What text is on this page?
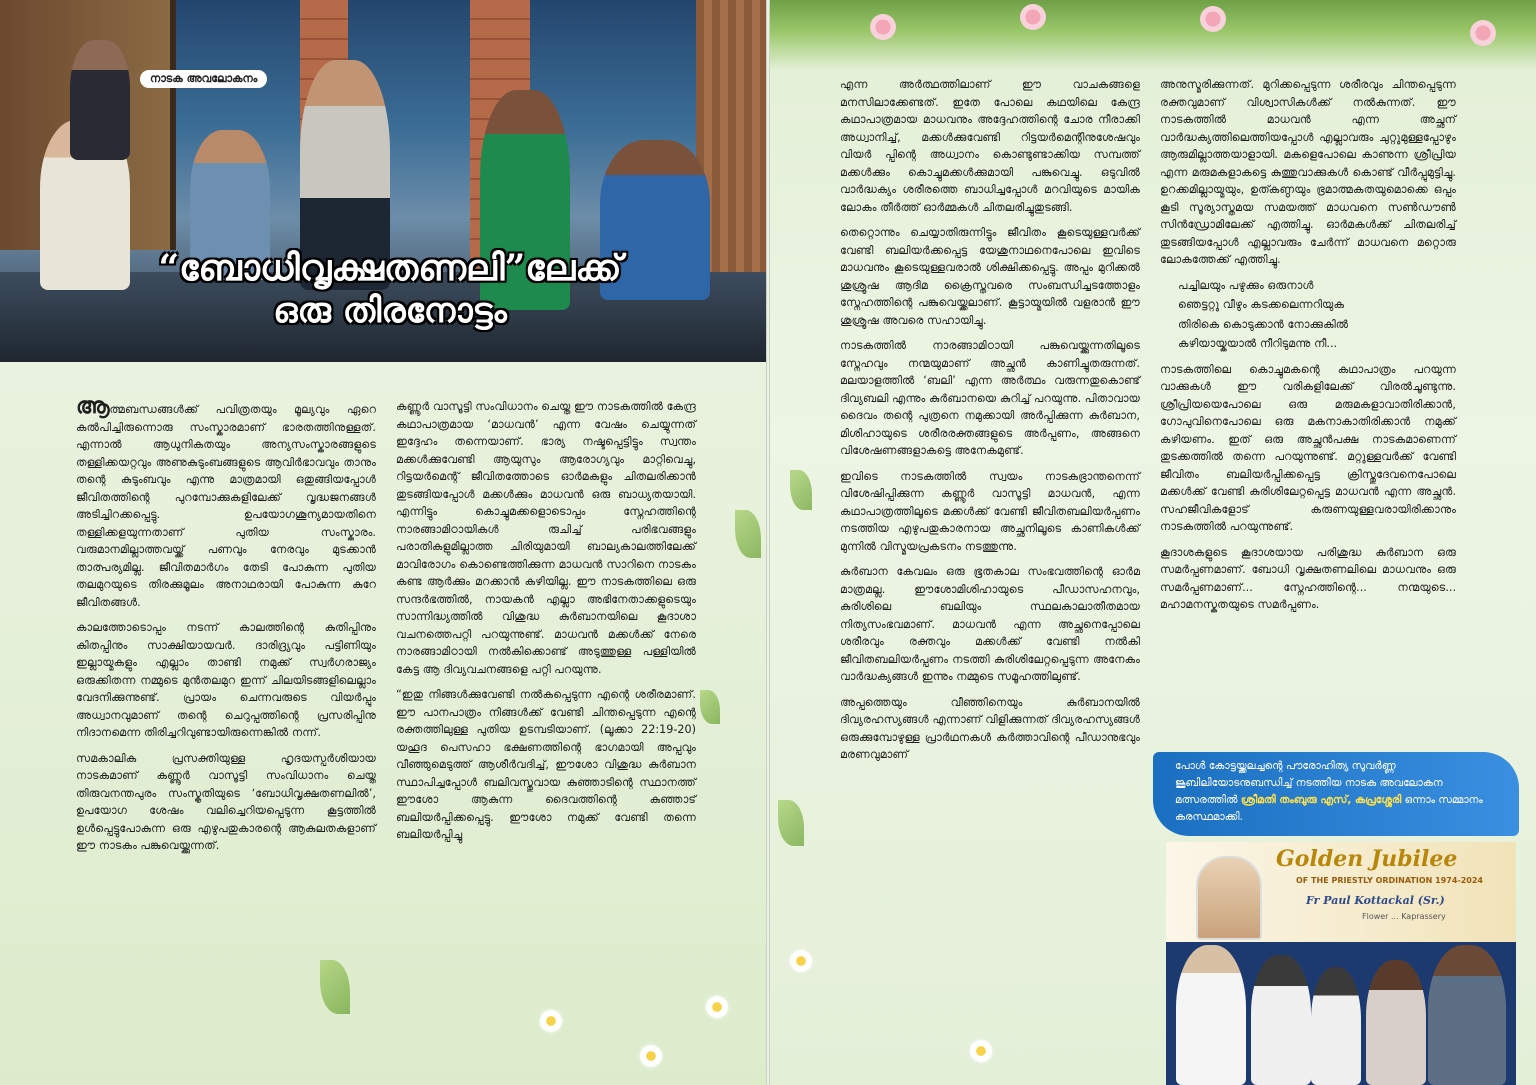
നാടക അവലോകനം
“ബോധിവൃക്ഷതണലി”ലേക്ക്
ഒരു തിരനോട്ടം

ആത്മബന്ധങ്ങൾക്ക് പവിത്രതയും മൂല്യവും ഏറെ കൽപിച്ചിരുന്നൊരു സംസ്കാരമാണ് ഭാരതത്തിനുള്ളത്. എന്നാൽ ആധുനികതയും അന്യസംസ്കാരങ്ങളുടെ തള്ളിക്കയറ്റവും അണുകുടുംബങ്ങളുടെ ആവിർഭാവവും താനും തന്റെ കുടുംബവും എന്നു മാത്രമായി ഒതുങ്ങിയപ്പോൾ ജീവിതത്തിന്റെ പുറമ്പോക്കുകളിലേക്ക് വൃദ്ധജനങ്ങൾ അടിച്ചിറക്കപ്പെട്ടു. ഉപയോഗശൂന്യമായതിനെ തള്ളിക്കളയുന്നതാണ് പുതിയ സംസ്കാരം. വരുമാനമില്ലാത്തവയ്ക്ക് പണവും നേരവും മുടക്കാൻ താത്പര്യമില്ല. ജീവിതമാർഗം തേടി പോകുന്ന പുതിയ തലമുറയുടെ തിരക്കുമൂലം അനാഥരായി പോകുന്ന കുറേ ജീവിതങ്ങൾ.

കാലത്തോടൊപ്പം നടന്ന് കാലത്തിന്റെ കുതിപ്പിനും കിതപ്പിനും സാക്ഷിയായവർ. ദാരിദ്ര്യവും പട്ടിണിയും ഇല്ലായ്മകളും എല്ലാം താണ്ടി നമുക്ക് സ്വർഗരാജ്യം ഒരുക്കിതന്ന നമ്മുടെ മുൻതലമുറ ഇന്ന് ചിലയിടങ്ങളിലെല്ലാം വേദനിക്കുന്നുണ്ട്. പ്രായം ചെന്നവരുടെ വിയർപ്പും അധ്വാനവുമാണ് തന്റെ ചെറുപ്പത്തിന്റെ പ്രസരിപ്പിനു നിദാനമെന്ന തിരിച്ചറിവുണ്ടായിരുന്നെങ്കിൽ നന്ന്.

സമകാലിക പ്രസക്തിയുള്ള ഹൃദയസ്പർശിയായ നാടകമാണ് കണ്ണൂർ വാസൂട്ടി സംവിധാനം ചെയ്ത തിരുവനന്തപുരം സംസ്കൃതിയുടെ ‘ബോധിവൃക്ഷതണലിൽ’, ഉപയോഗ ശേഷം വലിച്ചെറിയപ്പെടുന്ന കൂട്ടത്തിൽ ഉൾപ്പെട്ടുപോകുന്ന ഒരു എഴുപതുകാരന്റെ ആകുലതകളാണ് ഈ നാടകം പങ്കുവെയ്ക്കുന്നത്.

കണ്ണൂർ വാസൂട്ടി സംവിധാനം ചെയ്ത ഈ നാടകത്തിൽ കേന്ദ്ര കഥാപാത്രമായ ‘മാധവൻ’ എന്ന വേഷം ചെയ്യുന്നത് ഇദ്ദേഹം തന്നെയാണ്. ഭാര്യ നഷ്ടപ്പെട്ടിട്ടും സ്വന്തം മക്കൾക്കുവേണ്ടി ആയുസും ആരോഗ്യവും മാറ്റിവെച്ചു, റിട്ടയർമെന്റ് ജീവിതത്തോടെ ഓർമകളും ചിതലരിക്കാൻ തുടങ്ങിയപ്പോൾ മക്കൾക്കും മാധവൻ ഒരു ബാധ്യതയായി. എന്നിട്ടും കൊച്ചുമക്കളൊടൊപ്പം സ്നേഹത്തിന്റെ നാരങ്ങാമിഠായികൾ രുചിച്ച് പരിഭവങ്ങളും പരാതികളുമില്ലാത്ത ചിരിയുമായി ബാല്യകാലത്തിലേക്ക് മാവിരോഗം കൊണ്ടെത്തിക്കുന്ന മാധവൻ സാറിനെ നാടകം കണ്ട ആർക്കും മറക്കാൻ കഴിയില്ല. ഈ നാടകത്തിലെ ഒരു സന്ദർഭത്തിൽ, നായകൻ എല്ലാ അഭിനേതാക്കളുടെയും സാന്നിദ്ധ്യത്തിൽ വിശുദ്ധ കുർബാനയിലെ കൂദാശാ വചനത്തെപറ്റി പറയുന്നുണ്ട്. മാധവൻ മക്കൾക്ക് നേരെ നാരങ്ങാമിഠായി നൽകിക്കൊണ്ട് അടുത്തുള്ള പള്ളിയിൽ കേട്ട ആ ദിവ്യവചനങ്ങളെ പറ്റി പറയുന്നു.

“ഇതു നിങ്ങൾക്കുവേണ്ടി നൽകപ്പെടുന്ന എന്റെ ശരീരമാണ്. ഈ പാനപാത്രം നിങ്ങൾക്ക് വേണ്ടി ചിന്തപ്പെടുന്ന എന്റെ രക്തത്തിലുള്ള പുതിയ ഉടമ്പടിയാണ്. (ലൂക്കാ 22:19-20) യഹൂദ പെസഹാ ഭക്ഷണത്തിന്റെ ഭാഗമായി അപ്പവും വീഞ്ഞുമെടുത്ത് ആശീർവദിച്ച്, ഈശോ വിശുദ്ധ കുർബാന സ്ഥാപിച്ചപ്പോൾ ബലിവസ്തുവായ കുഞ്ഞാടിന്റെ സ്ഥാനത്ത് ഈശോ ആകുന്ന ദൈവത്തിന്റെ കുഞ്ഞാട് ബലിയർപ്പിക്കപ്പെട്ടു. ഈശോ നമുക്ക് വേണ്ടി തന്നെ ബലിയർപ്പിച്ചു

എന്ന അർത്ഥത്തിലാണ് ഈ വാചകങ്ങളെ മനസിലാക്കേണ്ടത്. ഇതേ പോലെ കഥയിലെ കേന്ദ്ര കഥാപാത്രമായ മാധവനും അദ്ദേഹത്തിന്റെ ചോര നീരാക്കി അധ്വാനിച്ച്, മക്കൾക്കുവേണ്ടി റിട്ടയർമെന്റിനുശേഷവും വിയർ പ്പിന്റെ അധ്വാനം കൊണ്ടുണ്ടാക്കിയ സമ്പത്ത് മക്കൾക്കും കൊച്ചുമക്കൾക്കുമായി പങ്കുവെച്ചു. ഒടുവിൽ വാർദ്ധക്യം ശരീരത്തെ ബാധിച്ചപ്പോൾ മറവിയുടെ മായിക ലോകം തീർത്ത് ഓർമ്മകൾ ചിതലരിച്ചുതുടങ്ങി.

തെറ്റൊന്നും ചെയ്യാതിരുന്നിട്ടും ജീവിതം കൂടെയുള്ളവർക്ക് വേണ്ടി ബലിയർക്കപ്പെട്ട യേശുനാഥനെപോലെ ഇവിടെ മാധവനും കൂടെയുള്ളവരാൽ ശിക്ഷിക്കപ്പെട്ടു. അപ്പം മുറിക്കൽ ശുശ്രൂഷ ആദിമ ക്രൈസ്തവരെ സംബന്ധിച്ചടത്തോളം സ്നേഹത്തിന്റെ പങ്കുവെയ്ക്കലാണ്. കൂട്ടായ്മയിൽ വളരാൻ ഈ ശുശ്രൂഷ അവരെ സഹായിച്ചു.

നാടകത്തിൽ നാരങ്ങാമിഠായി പങ്കുവെയ്ക്കുന്നതിലൂടെ സ്നേഹവും നന്മയുമാണ് അച്ഛൻ കാണിച്ചുതരുന്നത്. മലയാളത്തിൽ ‘ബലി’ എന്ന അർത്ഥം വരുന്നതുകൊണ്ട് ദിവ്യബലി എന്നും കുർബാനയെ കുറിച്ച് പറയുന്നു. പിതാവായ ദൈവം തന്റെ പുത്രനെ നമുക്കായി അർപ്പിക്കുന്ന കുർബാന, മിശിഹായുടെ ശരീരരക്തങ്ങളുടെ അർപ്പണം, അങ്ങനെ വിശേഷണങ്ങളാകട്ടെ അനേകമുണ്ട്.

ഇവിടെ നാടകത്തിൽ സ്വയം നാടകഭ്രാന്തനെന്ന് വിശേഷിപ്പിക്കുന്ന കണ്ണൂർ വാസൂട്ടി മാധവൻ, എന്ന കഥാപാത്രത്തിലൂടെ മക്കൾക്ക് വേണ്ടി ജീവിതബലിയർപ്പണം നടത്തിയ എഴുപതുകാരനായ അച്ഛനിലൂടെ കാണികൾക്ക് മുന്നിൽ വിസ്മയപ്രകടനം നടത്തുന്നു.

കുർബാന കേവലം ഒരു ഭൂതകാല സംഭവത്തിന്റെ ഓർമ മാത്രമല്ല. ഈശോമിശിഹായുടെ പീഡാസഹനവും, കുരിശിലെ ബലിയും സ്ഥലകാലാതീതമായ നിത്യസംഭവമാണ്. മാധവൻ എന്ന അച്ഛനെപ്പോലെ ശരീരവും രക്തവും മക്കൾക്ക് വേണ്ടി നൽകി ജീവിതബലിയർപ്പണം നടത്തി കുരിശിലേറ്റപ്പെടുന്ന അനേകം വാർദ്ധക്യങ്ങൾ ഇന്നും നമ്മുടെ സമൂഹത്തിലുണ്ട്.

അപ്പത്തെയും വീഞ്ഞിനെയും കുർബാനയിൽ ദിവ്യരഹസ്യങ്ങൾ എന്നാണ് വിളിക്കുന്നത് ദിവ്യരഹസ്യങ്ങൾ ഒരുക്കുമ്പോഴുള്ള പ്രാർഥനകൾ കർത്താവിന്റെ പീഡാനുഭവും മരണവുമാണ്

അനുസ്മരിക്കുന്നത്. മുറിക്കപ്പെടുന്ന ശരീരവും ചിന്തപ്പെടുന്ന രക്തവുമാണ് വിശ്വാസികൾക്ക് നൽകുന്നത്. ഈ നാടകത്തിൽ മാധവൻ എന്ന അച്ഛന് വാർദ്ധക്യത്തിലെത്തിയപ്പോൾ എല്ലാവരും ചുറ്റുമുള്ളപ്പോഴും ആരുമില്ലാത്തയാളായി. മകളെപോലെ കാണുന്ന ശ്രീപ്രിയ എന്ന മരുമകളാകട്ടെ കുത്തുവാക്കുകൾ കൊണ്ട് വീർപ്പുമുട്ടിച്ചു. ഉറക്കമില്ലായ്മയും, ഉത്കണ്ഠയും ഭ്രമാത്മകതയുമൊക്കെ ഒപ്പം കൂടി സൂര്യാസ്തമയ സമയത്ത് മാധവനെ സൺഡൗൺ സിൻഡ്രോമിലേക്ക് എത്തിച്ചു. ഓർമകൾക്ക് ചിതലരിച്ച് തുടങ്ങിയപ്പോൾ എല്ലാവരും ചേർന്ന് മാധവനെ മറ്റൊരു ലോകത്തേക്ക് എത്തിച്ചു.

പച്ചിലയും പഴുക്കും ഒരുനാൾ

ഞെട്ടറ്റു വീഴും കടക്കലെന്നറിയുക

തിരികെ കൊടുക്കാൻ നോക്കുകിൽ

കഴിയായ്കയാൽ നീറിടുമന്നു നീ...

നാടകത്തിലെ കൊച്ചുമകന്റെ കഥാപാത്രം പറയുന്ന വാക്കുകൾ ഈ വരികളിലേക്ക് വിരൽചൂണ്ടുന്നു. ശ്രീപ്രിയയെപോലെ ഒരു മരുമകളാവാതിരിക്കാൻ, ഗോപുവിനെപോലെ ഒരു മകനാകാതിരിക്കാൻ നമുക്ക് കഴിയണം. ഇത് ഒരു അച്ഛൻപക്ഷ നാടകമാണെന്ന് തുടക്കത്തിൽ തന്നെ പറയുന്നുണ്ട്. മറ്റുള്ളവർക്ക് വേണ്ടി ജീവിതം ബലിയർപ്പിക്കപ്പെട്ട ക്രിസ്തുദേവനെപോലെ മക്കൾക്ക് വേണ്ടി കുരിശിലേറ്റപ്പെട്ട മാധവൻ എന്ന അച്ഛൻ. സഹജീവികളോട് കരുണയുള്ളവരായിരിക്കാനും നാടകത്തിൽ പറയുന്നുണ്ട്.

കൂദാശകളുടെ കൂദാശയായ പരിശുദ്ധ കുർബാന ഒരു സമർപ്പണമാണ്. ബോധി വൃക്ഷതണലിലെ മാധവനും ഒരു സമർപ്പണമാണ്... സ്നേഹത്തിന്റെ... നന്മയുടെ... മഹാമനസ്കതയുടെ സമർപ്പണം.

പോൾ കോട്ടയ്ക്കലച്ചന്റെ പൗരോഹിത്യ സുവർണ്ണ ജൂബിലിയോടനുബന്ധിച്ച് നടത്തിയ നാടക അവലോകന മത്സരത്തിൽ ശ്രീമതി തംബുരു എസ്, കപ്രശ്ശേരി ഒന്നാം സമ്മാനം കരസ്ഥമാക്കി.
Golden Jubilee
OF THE PRIESTLY ORDINATION 1974-2024
Fr Paul Kottackal (Sr.)
Flower ... Kaprassery
